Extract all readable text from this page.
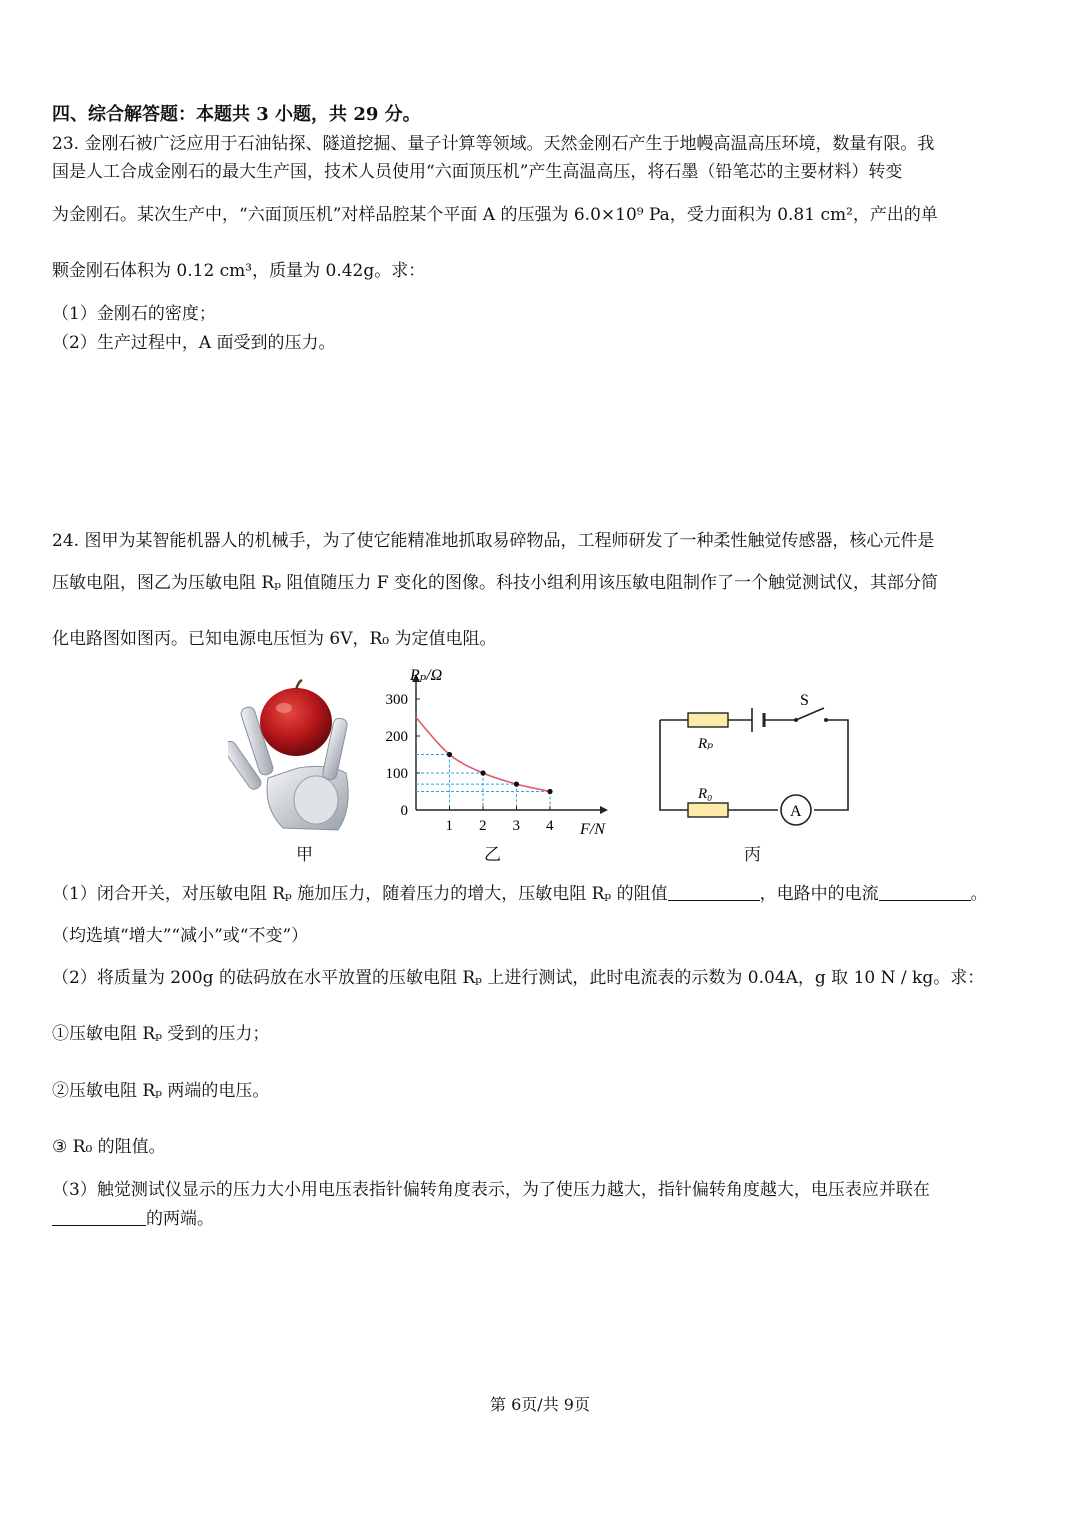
四、综合解答题：本题共 3 小题，共 29 分。
23. 金刚石被广泛应用于石油钻探、隧道挖掘、量子计算等领域。天然金刚石产生于地幔高温高压环境，数量有限。我
国是人工合成金刚石的最大生产国，技术人员使用“六面顶压机”产生高温高压，将石墨（铅笔芯的主要材料）转变
为金刚石。某次生产中，“六面顶压机”对样品腔某个平面 A 的压强为 6.0×10⁹ Pa，受力面积为 0.81 cm²，产出的单
颗金刚石体积为 0.12 cm³，质量为 0.42g。求：
（1）金刚石的密度；
（2）生产过程中，A 面受到的压力。
24. 图甲为某智能机器人的机械手，为了使它能精准地抓取易碎物品，工程师研发了一种柔性触觉传感器，核心元件是
压敏电阻，图乙为压敏电阻 Rₚ 阻值随压力 F 变化的图像。科技小组利用该压敏电阻制作了一个触觉测试仪，其部分简
化电路图如图丙。已知电源电压恒为 6V，R₀ 为定值电阻。
1 2 3 4
0
100
200
300
Rₚ/Ω
F/N
Rₚ
S
R₀
A
甲	乙	丙
（1）闭合开关，对压敏电阻 Rₚ 施加压力，随着压力的增大，压敏电阻 Rₚ 的阻值	，电路中的电流	。
（均选填“增大”“减小”或“不变”）
（2）将质量为 200g 的砝码放在水平放置的压敏电阻 Rₚ 上进行测试，此时电流表的示数为 0.04A，g 取 10 N / kg。求：
①压敏电阻 Rₚ 受到的压力；
②压敏电阻 Rₚ 两端的电压。
③ R₀ 的阻值。
（3）触觉测试仪显示的压力大小用电压表指针偏转角度表示，为了使压力越大，指针偏转角度越大，电压表应并联在
的两端。
第 6页/共 9页
